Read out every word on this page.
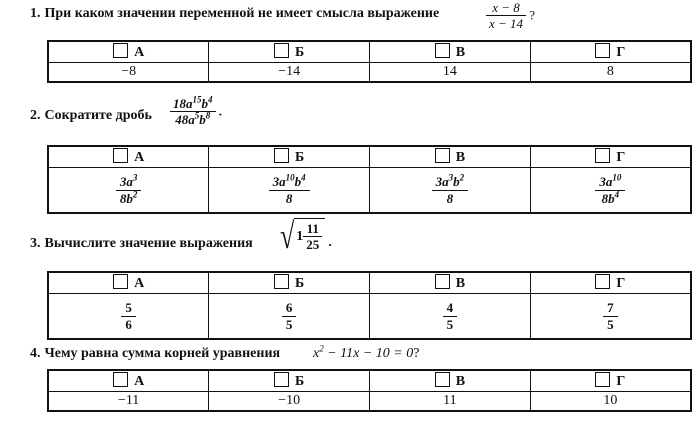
1. При каком значении переменной не имеет смысла выражение	$\frac{x - 8}{x - 14}$ ?
А	Б	В	Г
−8	−14	14	8
2. Сократите дробь $\frac{18a^{15}b^4}{48a^5b^8}$ .
А	Б	В	Г

$\frac{3a^3}{8b^2}$	$\frac{3a^{10}b^4}{8}$	$\frac{3a^3b^2}{8}$	$\frac{3a^{10}}{8b^4}$
3. Вычислите значение выражения √ $1 \frac{11}{25}$ .
А	Б	В	Г

$\frac{5}{6}$	$\frac{6}{5}$	$\frac{4}{5}$	$\frac{7}{5}$
4. Чему равна сумма корней уравнения $x^2 - 11x - 10 = 0$?
А	Б	В	Г
−11	−10	11	10
